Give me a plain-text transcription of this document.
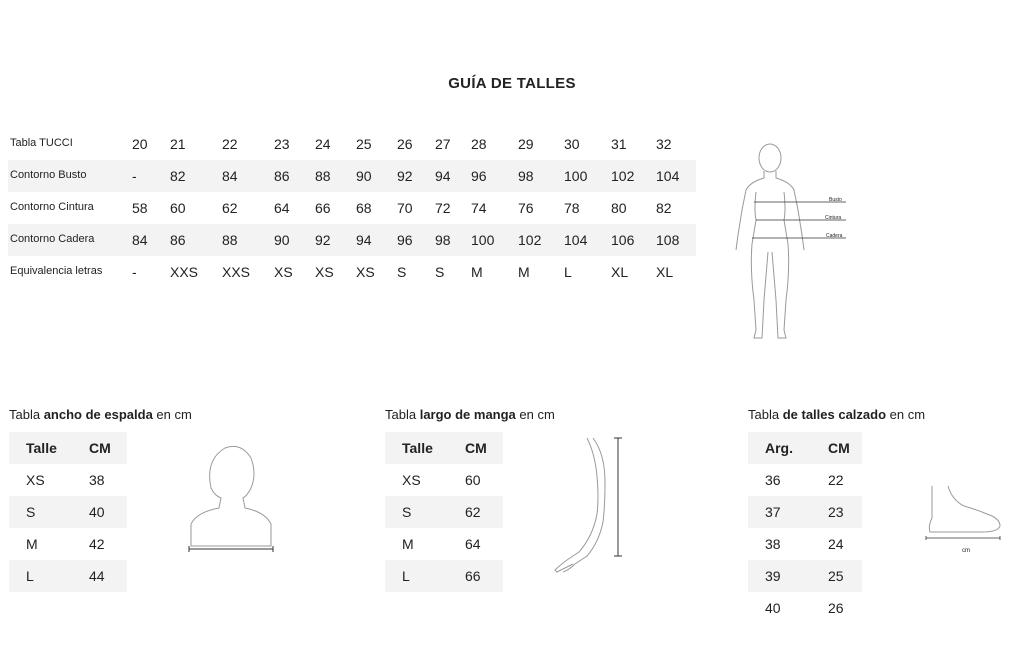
GUÍA DE TALLES
Tabla TUCCI	20 21	22	23 24 25 26 27 28 29 30 31 32
Contorno Busto	- 82	84	86 88 90 92 94 96 98 100 102 104
Contorno Cintura	58 60	62	64 66 68 70 72 74 76 78 80 82
Contorno Cadera	84 86	88	90 92 94 96 98 100 102 104 106 108
Equivalencia letras - XXS XXS XS XS XS S S M	M L	XL XL
Busto
Cintura
Cadera
Tabla ancho de espalda en cm
Talle CM
XS	38
S	40
M	42
L	44
Tabla largo de manga en cm
Talle CM
XS	60
S	62
M	64
L	66
Tabla de talles calzado en cm
Arg.	CM
36	22
37	23
38	24
39	25
40	26
cm
